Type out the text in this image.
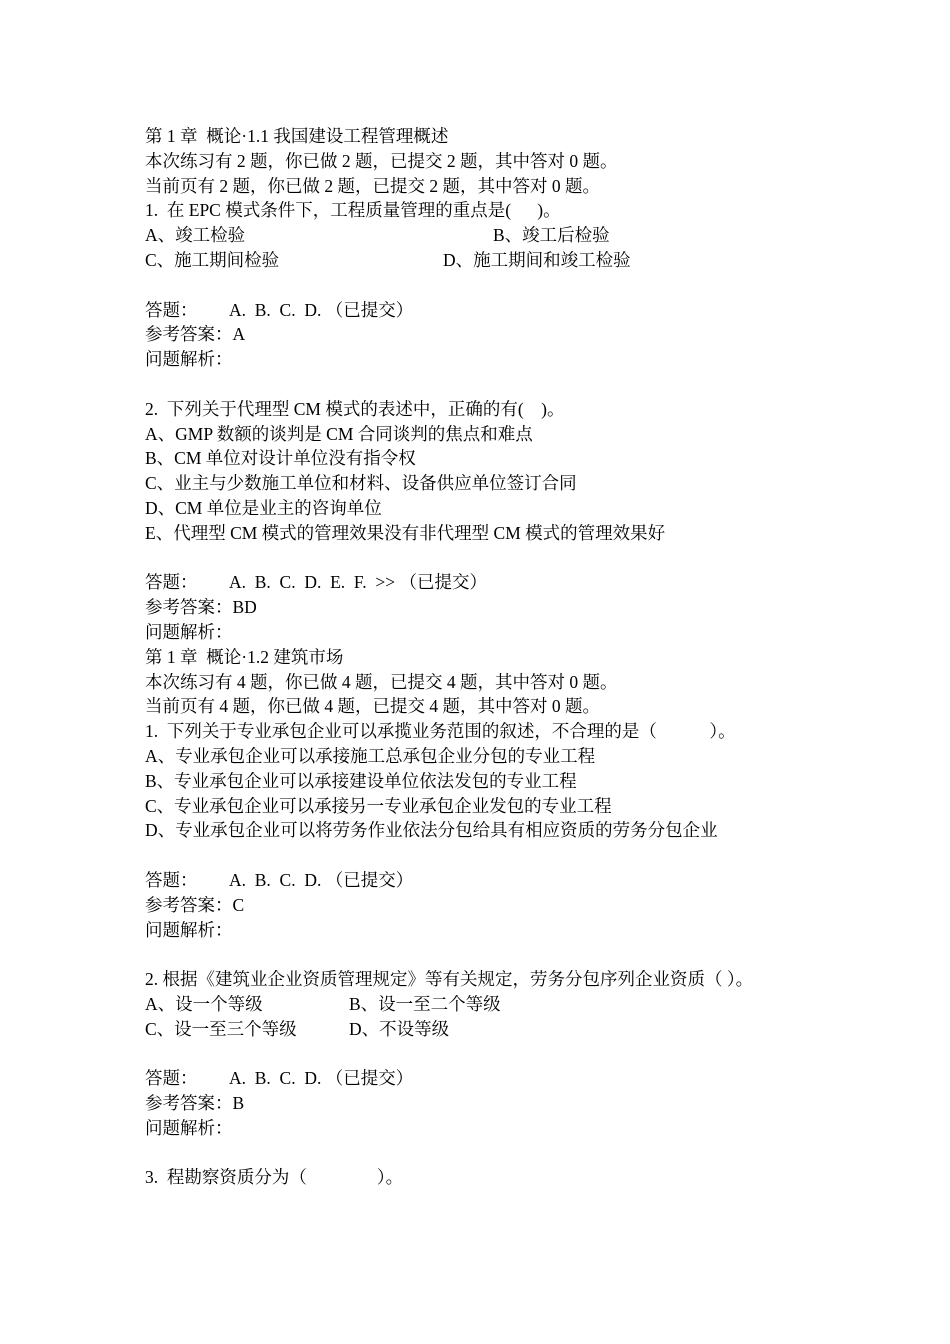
第 1 章  概论·1.1 我国建设工程管理概述
本次练习有 2 题，你已做 2 题，已提交 2 题，其中答对 0 题。
当前页有 2 题，你已做 2 题，已提交 2 题，其中答对 0 题。
1.  在 EPC 模式条件下，工程质量管理的重点是(      )。

A、竣工检验

	B、竣工后检验

C、施工期间检验

	D、施工期间和竣工检验

答题：

A.  B.  C.  D. （已提交）

参考答案：A
问题解析：
2.  下列关于代理型 CM 模式的表述中，正确的有(    )。
A、GMP 数额的谈判是 CM 合同谈判的焦点和难点
B、CM 单位对设计单位没有指令权
C、业主与少数施工单位和材料、设备供应单位签订合同
D、CM 单位是业主的咨询单位
E、代理型 CM 模式的管理效果没有非代理型 CM 模式的管理效果好

答题：

A.  B.  C.  D.  E.  F.  >> （已提交）

参考答案：BD
问题解析：
第 1 章  概论·1.2 建筑市场
本次练习有 4 题，你已做 4 题，已提交 4 题，其中答对 0 题。
当前页有 4 题，你已做 4 题，已提交 4 题，其中答对 0 题。
1.  下列关于专业承包企业可以承揽业务范围的叙述，不合理的是（            ）。
A、专业承包企业可以承接施工总承包企业分包的专业工程
B、专业承包企业可以承接建设单位依法发包的专业工程
C、专业承包企业可以承接另一专业承包企业发包的专业工程
D、专业承包企业可以将劳务作业依法分包给具有相应资质的劳务分包企业

答题：

A.  B.  C.  D. （已提交）

参考答案：C
问题解析：
2. 根据《建筑业企业资质管理规定》等有关规定，劳务分包序列企业资质（ ）。

A、设一个等级

	B、设一至二个等级

C、设一至三个等级

	D、不设等级

答题：

A.  B.  C.  D. （已提交）

参考答案：B
问题解析：
3.  程勘察资质分为（                ）。
